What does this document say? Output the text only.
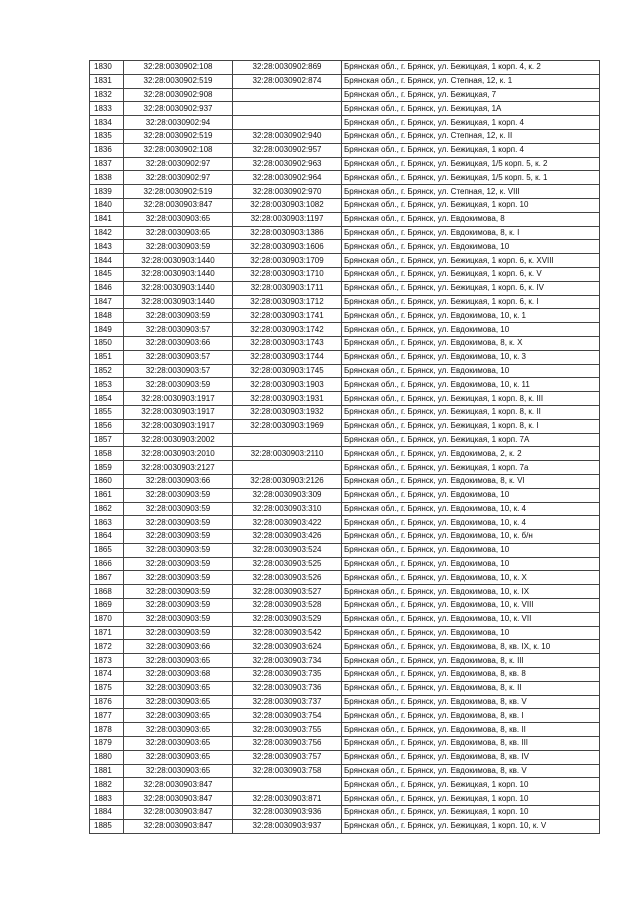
1830	32:28:0030902:108	32:28:0030902:869	Брянская обл., г. Брянск, ул. Бежицкая, 1 корп. 4, к. 2
1831	32:28:0030902:519	32:28:0030902:874	Брянская обл., г. Брянск, ул. Степная, 12, к. 1
1832	32:28:0030902:908		Брянская обл., г. Брянск, ул. Бежицкая, 7
1833	32:28:0030902:937		Брянская обл., г. Брянск, ул. Бежицкая, 1А
1834	32:28:0030902:94		Брянская обл., г. Брянск, ул. Бежицкая, 1 корп. 4
1835	32:28:0030902:519	32:28:0030902:940	Брянская обл., г. Брянск, ул. Степная, 12, к. II
1836	32:28:0030902:108	32:28:0030902:957	Брянская обл., г. Брянск, ул. Бежицкая, 1 корп. 4
1837	32:28:0030902:97	32:28:0030902:963	Брянская обл., г. Брянск, ул. Бежицкая, 1/5 корп. 5, к. 2
1838	32:28:0030902:97	32:28:0030902:964	Брянская обл., г. Брянск, ул. Бежицкая, 1/5 корп. 5, к. 1
1839	32:28:0030902:519	32:28:0030902:970	Брянская обл., г. Брянск, ул. Степная, 12, к. VIII
1840	32:28:0030903:847	32:28:0030903:1082	Брянская обл., г. Брянск, ул. Бежицкая, 1 корп. 10
1841	32:28:0030903:65	32:28:0030903:1197	Брянская обл., г. Брянск, ул. Евдокимова, 8
1842	32:28:0030903:65	32:28:0030903:1386	Брянская обл., г. Брянск, ул. Евдокимова, 8, к. I
1843	32:28:0030903:59	32:28:0030903:1606	Брянская обл., г. Брянск, ул. Евдокимова, 10
1844	32:28:0030903:1440	32:28:0030903:1709	Брянская обл., г. Брянск, ул. Бежицкая, 1 корп. 6, к. XVIII
1845	32:28:0030903:1440	32:28:0030903:1710	Брянская обл., г. Брянск, ул. Бежицкая, 1 корп. 6, к. V
1846	32:28:0030903:1440	32:28:0030903:1711	Брянская обл., г. Брянск, ул. Бежицкая, 1 корп. 6, к. IV
1847	32:28:0030903:1440	32:28:0030903:1712	Брянская обл., г. Брянск, ул. Бежицкая, 1 корп. 6, к. I
1848	32:28:0030903:59	32:28:0030903:1741	Брянская обл., г. Брянск, ул. Евдокимова, 10, к. 1
1849	32:28:0030903:57	32:28:0030903:1742	Брянская обл., г. Брянск, ул. Евдокимова, 10
1850	32:28:0030903:66	32:28:0030903:1743	Брянская обл., г. Брянск, ул. Евдокимова, 8, к. X
1851	32:28:0030903:57	32:28:0030903:1744	Брянская обл., г. Брянск, ул. Евдокимова, 10, к. 3
1852	32:28:0030903:57	32:28:0030903:1745	Брянская обл., г. Брянск, ул. Евдокимова, 10
1853	32:28:0030903:59	32:28:0030903:1903	Брянская обл., г. Брянск, ул. Евдокимова, 10, к. 11
1854	32:28:0030903:1917	32:28:0030903:1931	Брянская обл., г. Брянск, ул. Бежицкая, 1 корп. 8, к. III
1855	32:28:0030903:1917	32:28:0030903:1932	Брянская обл., г. Брянск, ул. Бежицкая, 1 корп. 8, к. II
1856	32:28:0030903:1917	32:28:0030903:1969	Брянская обл., г. Брянск, ул. Бежицкая, 1 корп. 8, к. I
1857	32:28:0030903:2002		Брянская обл., г. Брянск, ул. Бежицкая, 1 корп. 7А
1858	32:28:0030903:2010	32:28:0030903:2110	Брянская обл., г. Брянск, ул. Евдокимова, 2, к. 2
1859	32:28:0030903:2127		Брянская обл., г. Брянск, ул. Бежицкая, 1 корп. 7а
1860	32:28:0030903:66	32:28:0030903:2126	Брянская обл., г. Брянск, ул. Евдокимова, 8, к. VI
1861	32:28:0030903:59	32:28:0030903:309	Брянская обл., г. Брянск, ул. Евдокимова, 10
1862	32:28:0030903:59	32:28:0030903:310	Брянская обл., г. Брянск, ул. Евдокимова, 10, к. 4
1863	32:28:0030903:59	32:28:0030903:422	Брянская обл., г. Брянск, ул. Евдокимова, 10, к. 4
1864	32:28:0030903:59	32:28:0030903:426	Брянская обл., г. Брянск, ул. Евдокимова, 10, к. б/н
1865	32:28:0030903:59	32:28:0030903:524	Брянская обл., г. Брянск, ул. Евдокимова, 10
1866	32:28:0030903:59	32:28:0030903:525	Брянская обл., г. Брянск, ул. Евдокимова, 10
1867	32:28:0030903:59	32:28:0030903:526	Брянская обл., г. Брянск, ул. Евдокимова, 10, к. X
1868	32:28:0030903:59	32:28:0030903:527	Брянская обл., г. Брянск, ул. Евдокимова, 10, к. IX
1869	32:28:0030903:59	32:28:0030903:528	Брянская обл., г. Брянск, ул. Евдокимова, 10, к. VIII
1870	32:28:0030903:59	32:28:0030903:529	Брянская обл., г. Брянск, ул. Евдокимова, 10, к. VII
1871	32:28:0030903:59	32:28:0030903:542	Брянская обл., г. Брянск, ул. Евдокимова, 10
1872	32:28:0030903:66	32:28:0030903:624	Брянская обл., г. Брянск, ул. Евдокимова, 8, кв. IX, к. 10
1873	32:28:0030903:65	32:28:0030903:734	Брянская обл., г. Брянск, ул. Евдокимова, 8, к. III
1874	32:28:0030903:68	32:28:0030903:735	Брянская обл., г. Брянск, ул. Евдокимова, 8, кв. 8
1875	32:28:0030903:65	32:28:0030903:736	Брянская обл., г. Брянск, ул. Евдокимова, 8, к. II
1876	32:28:0030903:65	32:28:0030903:737	Брянская обл., г. Брянск, ул. Евдокимова, 8, кв. V
1877	32:28:0030903:65	32:28:0030903:754	Брянская обл., г. Брянск, ул. Евдокимова, 8, кв. I
1878	32:28:0030903:65	32:28:0030903:755	Брянская обл., г. Брянск, ул. Евдокимова, 8, кв. II
1879	32:28:0030903:65	32:28:0030903:756	Брянская обл., г. Брянск, ул. Евдокимова, 8, кв. III
1880	32:28:0030903:65	32:28:0030903:757	Брянская обл., г. Брянск, ул. Евдокимова, 8, кв. IV
1881	32:28:0030903:65	32:28:0030903:758	Брянская обл., г. Брянск, ул. Евдокимова, 8, кв. V
1882	32:28:0030903:847		Брянская обл., г. Брянск, ул. Бежицкая, 1 корп. 10
1883	32:28:0030903:847	32:28:0030903:871	Брянская обл., г. Брянск, ул. Бежицкая, 1 корп. 10
1884	32:28:0030903:847	32:28:0030903:936	Брянская обл., г. Брянск, ул. Бежицкая, 1 корп. 10
1885	32:28:0030903:847	32:28:0030903:937	Брянская обл., г. Брянск, ул. Бежицкая, 1 корп. 10, к. V
